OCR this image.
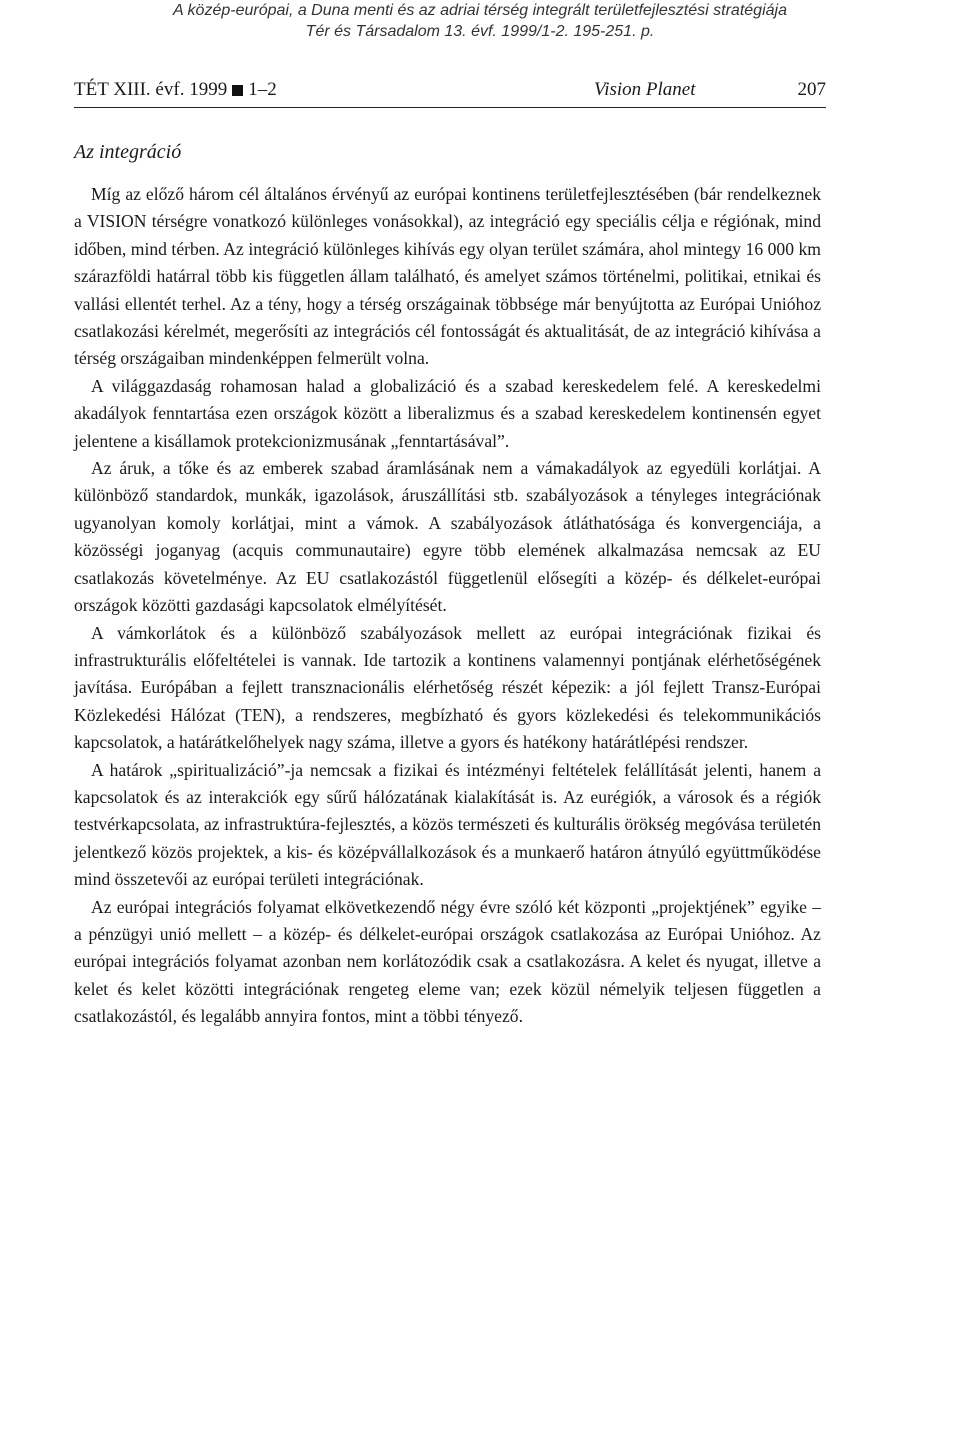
A közép-európai, a Duna menti és az adriai térség integrált területfejlesztési stratégiája
Tér és Társadalom 13. évf. 1999/1-2. 195-251. p.
TÉT XIII. évf. 1999 1–2	Vision Planet	207
Az integráció

Míg az előző három cél általános érvényű az európai kontinens területfejlesztésében (bár rendelkeznek a VISION térségre vonatkozó különleges vonásokkal), az integráció egy speciális célja e régiónak, mind időben, mind térben. Az integráció különleges kihívás egy olyan terület számára, ahol mintegy 16 000 km szárazföldi határral több kis független állam található, és amelyet számos történelmi, politikai, etnikai és vallási ellentét terhel. Az a tény, hogy a térség országainak többsége már benyújtotta az Európai Unióhoz csatlakozási kérelmét, megerősíti az integrációs cél fontosságát és aktualitását, de az integráció kihívása a térség országaiban mindenképpen felmerült volna.

A világgazdaság rohamosan halad a globalizáció és a szabad kereskedelem felé. A kereskedelmi akadályok fenntartása ezen országok között a liberalizmus és a szabad kereskedelem kontinensén egyet jelentene a kisállamok protekcionizmusának „fenntartásával”.

Az áruk, a tőke és az emberek szabad áramlásának nem a vámakadályok az egyedüli korlátjai. A különböző standardok, munkák, igazolások, áruszállítási stb. szabályozások a tényleges integrációnak ugyanolyan komoly korlátjai, mint a vámok. A szabályozások átláthatósága és konvergenciája, a közösségi joganyag (acquis communautaire) egyre több elemének alkalmazása nemcsak az EU csatlakozás követelménye. Az EU csatlakozástól függetlenül elősegíti a közép- és délkelet-európai országok közötti gazdasági kapcsolatok elmélyítését.

A vámkorlátok és a különböző szabályozások mellett az európai integrációnak fizikai és infrastrukturális előfeltételei is vannak. Ide tartozik a kontinens valamennyi pontjának elérhetőségének javítása. Európában a fejlett transznacionális elérhetőség részét képezik: a jól fejlett Transz-Európai Közlekedési Hálózat (TEN), a rendszeres, megbízható és gyors közlekedési és telekommunikációs kapcsolatok, a határátkelőhelyek nagy száma, illetve a gyors és hatékony határátlépési rendszer.

A határok „spiritualizáció”-ja nemcsak a fizikai és intézményi feltételek felállítását jelenti, hanem a kapcsolatok és az interakciók egy sűrű hálózatának kialakítását is. Az eurégiók, a városok és a régiók testvérkapcsolata, az infrastruktúra-fejlesztés, a közös természeti és kulturális örökség megóvása területén jelentkező közös projektek, a kis- és középvállalkozások és a munkaerő határon átnyúló együttműködése mind összetevői az európai területi integrációnak.

Az európai integrációs folyamat elkövetkezendő négy évre szóló két központi „projektjének” egyike – a pénzügyi unió mellett – a közép- és délkelet-európai országok csatlakozása az Európai Unióhoz. Az európai integrációs folyamat azonban nem korlátozódik csak a csatlakozásra. A kelet és nyugat, illetve a kelet és kelet közötti integrációnak rengeteg eleme van; ezek közül némelyik teljesen független a csatlakozástól, és legalább annyira fontos, mint a többi tényező.
